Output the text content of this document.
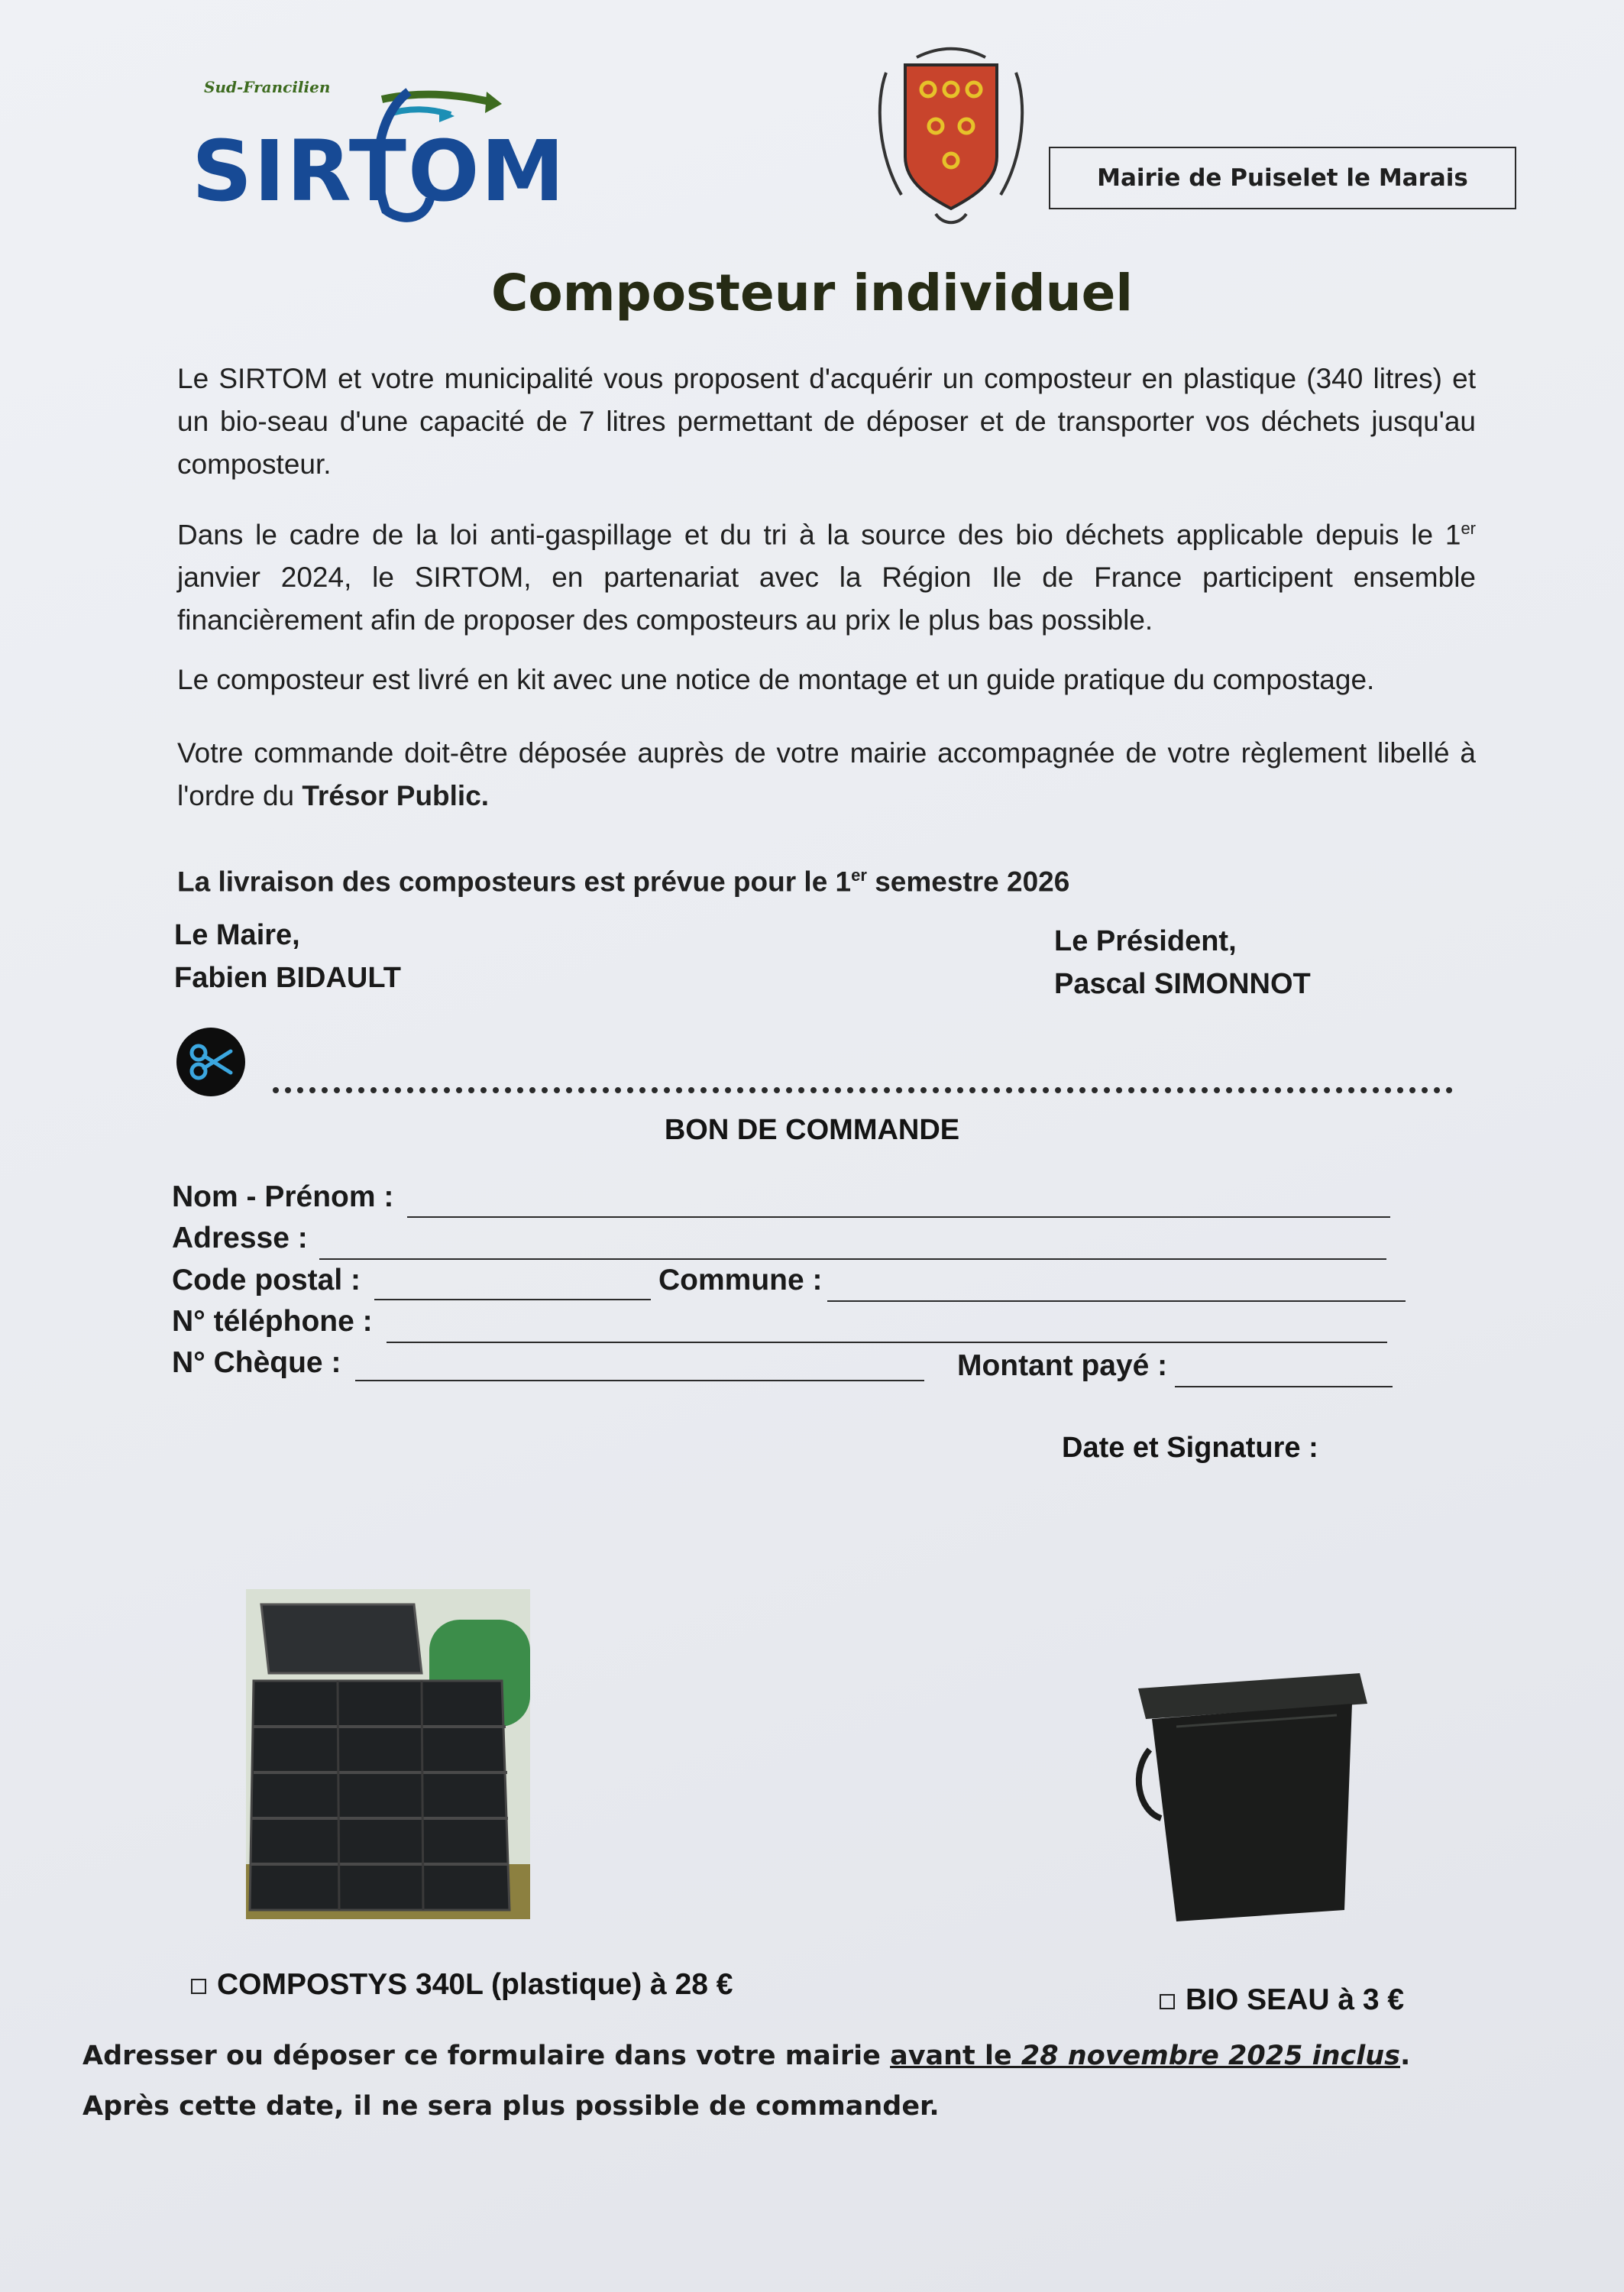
Sud-Francilien
SIRTOM	Mairie de Puiselet le Marais
Composteur individuel
Le SIRTOM et votre municipalité vous proposent d'acquérir un composteur en plastique (340 litres) et un bio-seau d'une capacité de 7 litres permettant de déposer et de transporter vos déchets jusqu'au composteur.
Dans le cadre de la loi anti-gaspillage et du tri à la source des bio déchets applicable depuis le 1er janvier 2024, le SIRTOM, en partenariat avec la Région Ile de France participent ensemble financièrement afin de proposer des composteurs au prix le plus bas possible.
Le composteur est livré en kit avec une notice de montage et un guide pratique du compostage.
Votre commande doit-être déposée auprès de votre mairie accompagnée de votre règlement libellé à l'ordre du Trésor Public.
La livraison des composteurs est prévue pour le 1er semestre 2026
Le Maire,
Fabien BIDAULT
Le Président,
Pascal SIMONNOT
BON DE COMMANDE
Nom - Prénom :
Adresse :
Code postal :	Commune :
N° téléphone :
N° Chèque :	Montant payé :
Date et Signature :
COMPOSTYS 340L (plastique) à 28 €	BIO SEAU à 3 €
Adresser ou déposer ce formulaire dans votre mairie avant le 28 novembre 2025 inclus. Après cette date, il ne sera plus possible de commander.
